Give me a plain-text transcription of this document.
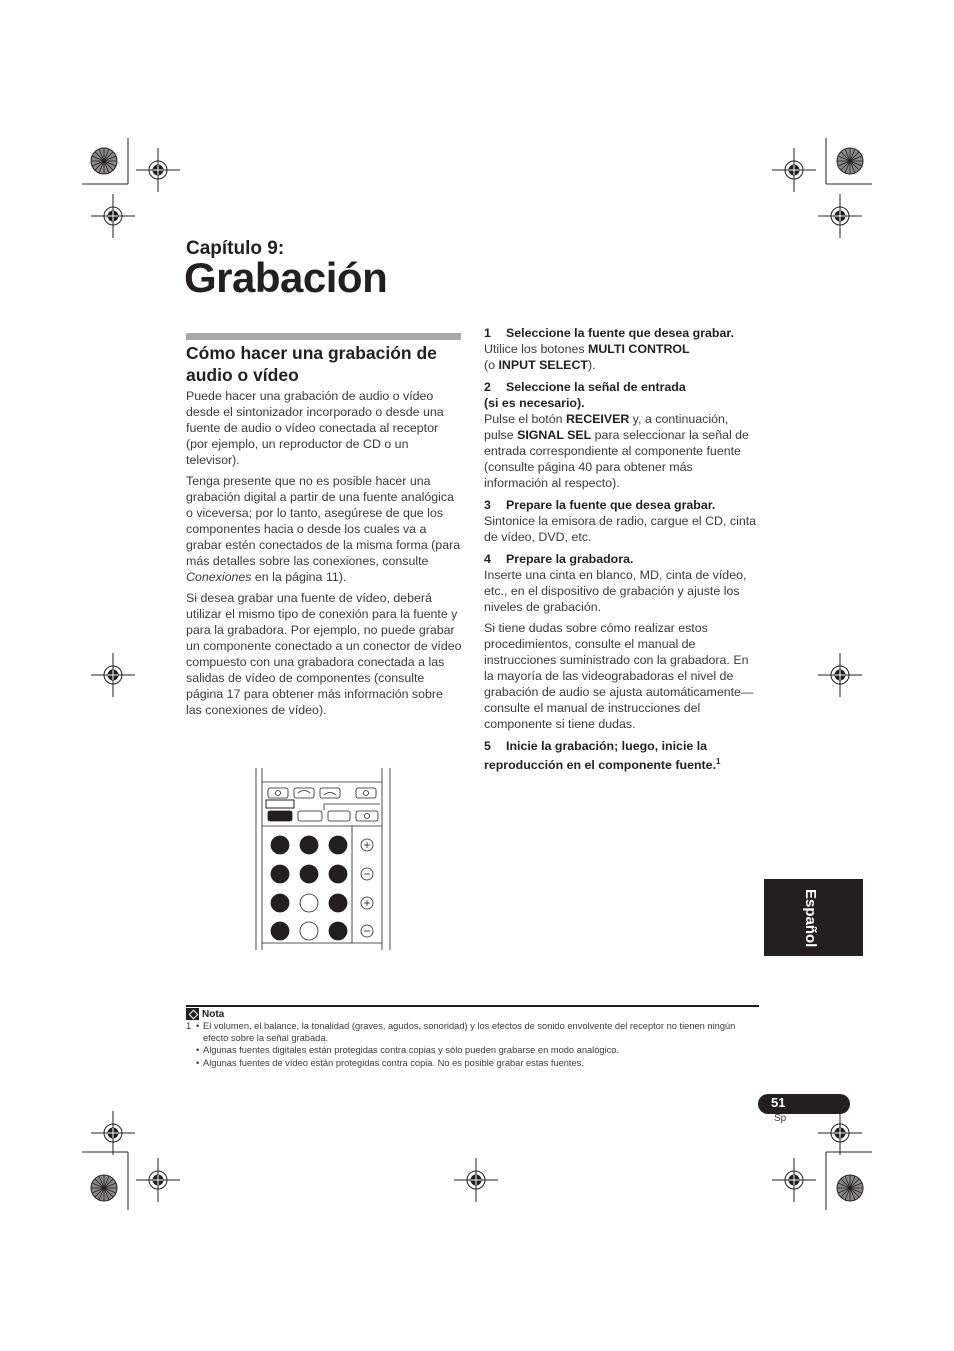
Capítulo 9:
Grabación
Cómo hacer una grabación de audio o vídeo

Puede hacer una grabación de audio o vídeo desde el sintonizador incorporado o desde una fuente de audio o vídeo conectada al receptor (por ejemplo, un reproductor de CD o un televisor).

Tenga presente que no es posible hacer una grabación digital a partir de una fuente analógica o viceversa; por lo tanto, asegúrese de que los componentes hacia o desde los cuales va a grabar estén conectados de la misma forma (para más detalles sobre las conexiones, consulte Conexiones en la página 11).

Si desea grabar una fuente de vídeo, deberá utilizar el mismo tipo de conexión para la fuente y para la grabadora. Por ejemplo, no puede grabar un componente conectado a un conector de vídeo compuesto con una grabadora conectada a las salidas de vídeo de componentes (consulte página 17 para obtener más información sobre las conexiones de vídeo).

1 Seleccione la fuente que desea grabar.
Utilice los botones MULTI CONTROL
(o INPUT SELECT).
2 Seleccione la señal de entrada
(si es necesario).
Pulse el botón RECEIVER y, a continuación, pulse SIGNAL SEL para seleccionar la señal de entrada correspondiente al componente fuente (consulte página 40 para obtener más información al respecto).
3 Prepare la fuente que desea grabar.
Sintonice la emisora de radio, cargue el CD, cinta de vídeo, DVD, etc.
4 Prepare la grabadora.
Inserte una cinta en blanco, MD, cinta de vídeo, etc., en el dispositivo de grabación y ajuste los niveles de grabación.
Si tiene dudas sobre cómo realizar estos procedimientos, consulte el manual de instrucciones suministrado con la grabadora. En la mayoría de las videograbadoras el nivel de grabación de audio se ajusta automáticamente—consulte el manual de instrucciones del componente si tiene dudas.
5 Inicie la grabación; luego, inicie la
reproducción en el componente fuente.$^1$
Español
Nota
1 • El volumen, el balance, la tonalidad (graves, agudos, sonoridad) y los efectos de sonido envolvente del receptor no tienen ningún efecto sobre la señal grabada.
• Algunas fuentes digitales están protegidas contra copias y sólo pueden grabarse en modo analógico.
• Algunas fuentes de vídeo están protegidas contra copia. No es posible grabar estas fuentes.
51
Sp
